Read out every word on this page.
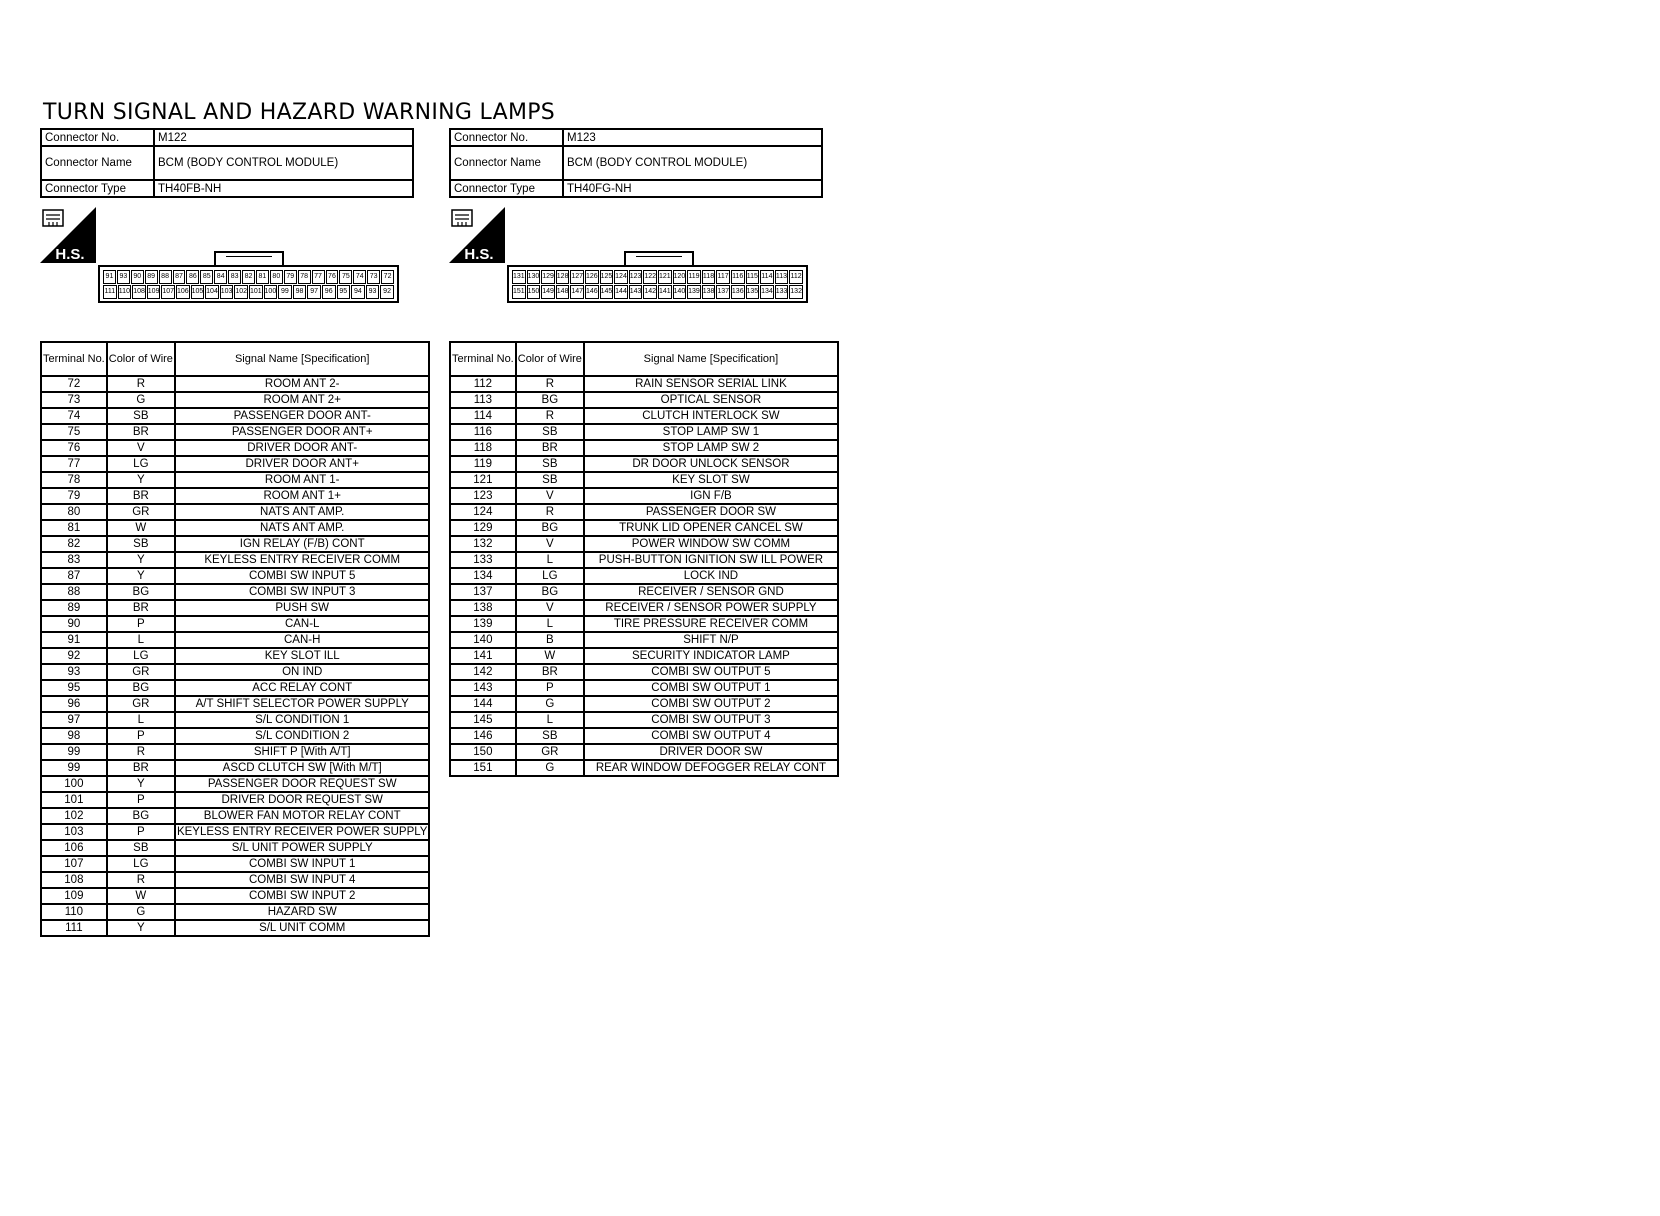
TURN SIGNAL AND HAZARD WARNING LAMPS
Connector No.	M122
Connector Name	BCM (BODY CONTROL MODULE)
Connector Type	TH40FB-NH
Connector No.	M123
Connector Name	BCM (BODY CONTROL MODULE)
Connector Type	TH40FG-NH
H.S.	H.S.
91 93 90 89 88 87 86 85 84 83 82 81 80 79 78 77 76 75 74 73 72
111 110 108 109 107 106 105 104 103 102 101 100 99 98 97 96 95 94 93 92
131 130 129 128 127 126 125 124 123 122 121 120 119 118 117 116 115 114 113 112
151 150 149 148 147 146 145 144 143 142 141 140 139 138 137 136 135 134 133 132
Terminal No.	Color of Wire	Signal Name [Specification]
72	R	ROOM ANT 2-
73	G	ROOM ANT 2+
74	SB	PASSENGER DOOR ANT-
75	BR	PASSENGER DOOR ANT+
76	V	DRIVER DOOR ANT-
77	LG	DRIVER DOOR ANT+
78	Y	ROOM ANT 1-
79	BR	ROOM ANT 1+
80	GR	NATS ANT AMP.
81	W	NATS ANT AMP.
82	SB	IGN RELAY (F/B) CONT
83	Y	KEYLESS ENTRY RECEIVER COMM
87	Y	COMBI SW INPUT 5
88	BG	COMBI SW INPUT 3
89	BR	PUSH SW
90	P	CAN-L
91	L	CAN-H
92	LG	KEY SLOT ILL
93	GR	ON IND
95	BG	ACC RELAY CONT
96	GR	A/T SHIFT SELECTOR POWER SUPPLY
97	L	S/L CONDITION 1
98	P	S/L CONDITION 2
99	R	SHIFT P [With A/T]
99	BR	ASCD CLUTCH SW [With M/T]
100	Y	PASSENGER DOOR REQUEST SW
101	P	DRIVER DOOR REQUEST SW
102	BG	BLOWER FAN MOTOR RELAY CONT
103	P	KEYLESS ENTRY RECEIVER POWER SUPPLY
106	SB	S/L UNIT POWER SUPPLY
107	LG	COMBI SW INPUT 1
108	R	COMBI SW INPUT 4
109	W	COMBI SW INPUT 2
110	G	HAZARD SW
111	Y	S/L UNIT COMM
Terminal No.	Color of Wire	Signal Name [Specification]
112	R	RAIN SENSOR SERIAL LINK
113	BG	OPTICAL SENSOR
114	R	CLUTCH INTERLOCK SW
116	SB	STOP LAMP SW 1
118	BR	STOP LAMP SW 2
119	SB	DR DOOR UNLOCK SENSOR
121	SB	KEY SLOT SW
123	V	IGN F/B
124	R	PASSENGER DOOR SW
129	BG	TRUNK LID OPENER CANCEL SW
132	V	POWER WINDOW SW COMM
133	L	PUSH-BUTTON IGNITION SW ILL POWER
134	LG	LOCK IND
137	BG	RECEIVER / SENSOR GND
138	V	RECEIVER / SENSOR POWER SUPPLY
139	L	TIRE PRESSURE RECEIVER COMM
140	B	SHIFT N/P
141	W	SECURITY INDICATOR LAMP
142	BR	COMBI SW OUTPUT 5
143	P	COMBI SW OUTPUT 1
144	G	COMBI SW OUTPUT 2
145	L	COMBI SW OUTPUT 3
146	SB	COMBI SW OUTPUT 4
150	GR	DRIVER DOOR SW
151	G	REAR WINDOW DEFOGGER RELAY CONT
